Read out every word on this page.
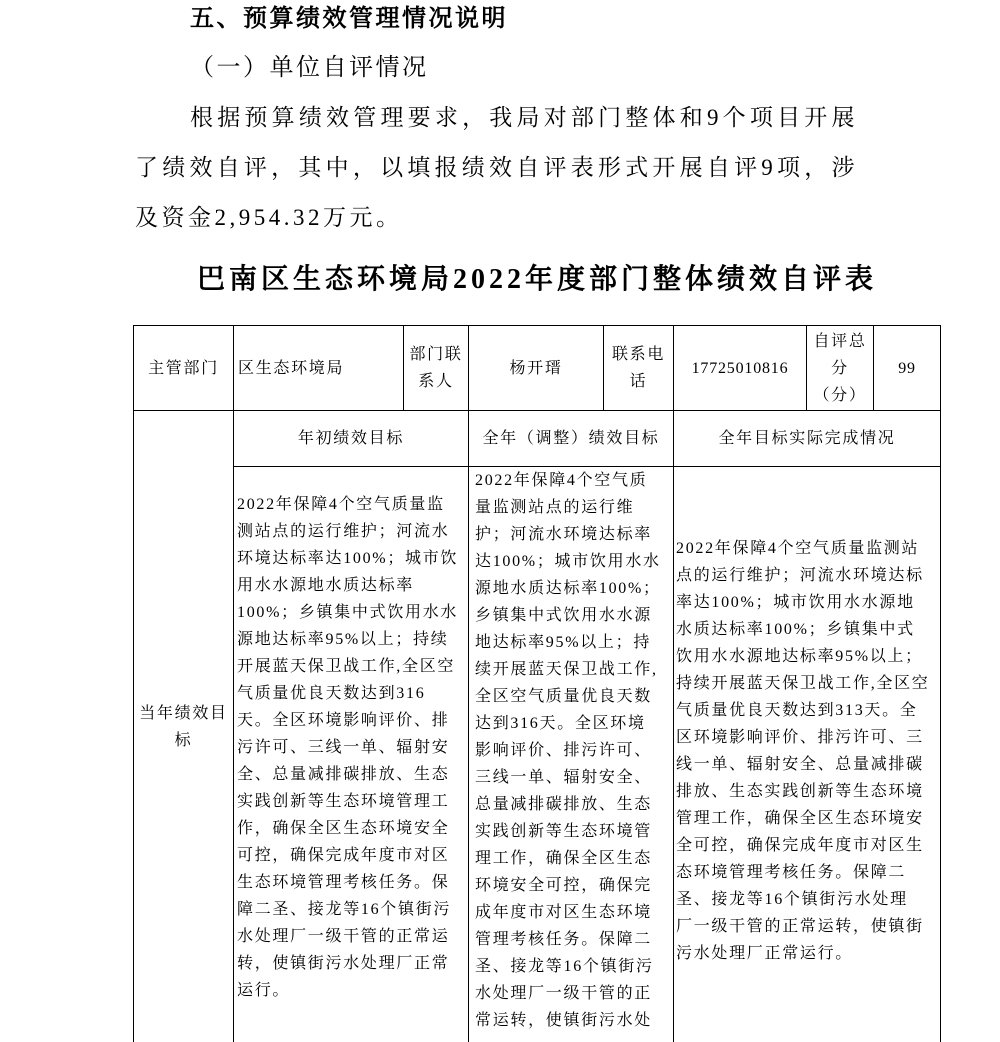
五、预算绩效管理情况说明
（一）单位自评情况
根据预算绩效管理要求，我局对部门整体和9个项目开展
了绩效自评，其中，以填报绩效自评表形式开展自评9项，涉
及资金2,954.32万元。
巴南区生态环境局2022年度部门整体绩效自评表
主管部门 区生态环境局
部门联系人
杨开瑨
联系电话
17725010816
自评总分（分）
99
当年绩效目标
年初绩效目标	全年（调整）绩效目标	全年目标实际完成情况
2022年保障4个空气质量监
测站点的运行维护；河流水
环境达标率达100%；城市饮
用水水源地水质达标率
100%；乡镇集中式饮用水水
源地达标率95%以上；持续
开展蓝天保卫战工作,全区空
气质量优良天数达到316
天。全区环境影响评价、排
污许可、三线一单、辐射安
全、总量减排碳排放、生态
实践创新等生态环境管理工
作，确保全区生态环境安全
可控，确保完成年度市对区
生态环境管理考核任务。保
障二圣、接龙等16个镇街污
水处理厂一级干管的正常运
转，使镇街污水处理厂正常
运行。
2022年保障4个空气质
量监测站点的运行维
护；河流水环境达标率
达100%；城市饮用水水
源地水质达标率100%；
乡镇集中式饮用水水源
地达标率95%以上；持
续开展蓝天保卫战工作,
全区空气质量优良天数
达到316天。全区环境
影响评价、排污许可、
三线一单、辐射安全、
总量减排碳排放、生态
实践创新等生态环境管
理工作，确保全区生态
环境安全可控，确保完
成年度市对区生态环境
管理考核任务。保障二
圣、接龙等16个镇街污
水处理厂一级干管的正
常运转，使镇街污水处
2022年保障4个空气质量监测站
点的运行维护；河流水环境达标
率达100%；城市饮用水水源地
水质达标率100%；乡镇集中式
饮用水水源地达标率95%以上；
持续开展蓝天保卫战工作,全区空
气质量优良天数达到313天。全
区环境影响评价、排污许可、三
线一单、辐射安全、总量减排碳
排放、生态实践创新等生态环境
管理工作，确保全区生态环境安
全可控，确保完成年度市对区生
态环境管理考核任务。保障二
圣、接龙等16个镇街污水处理
厂一级干管的正常运转，使镇街
污水处理厂正常运行。
